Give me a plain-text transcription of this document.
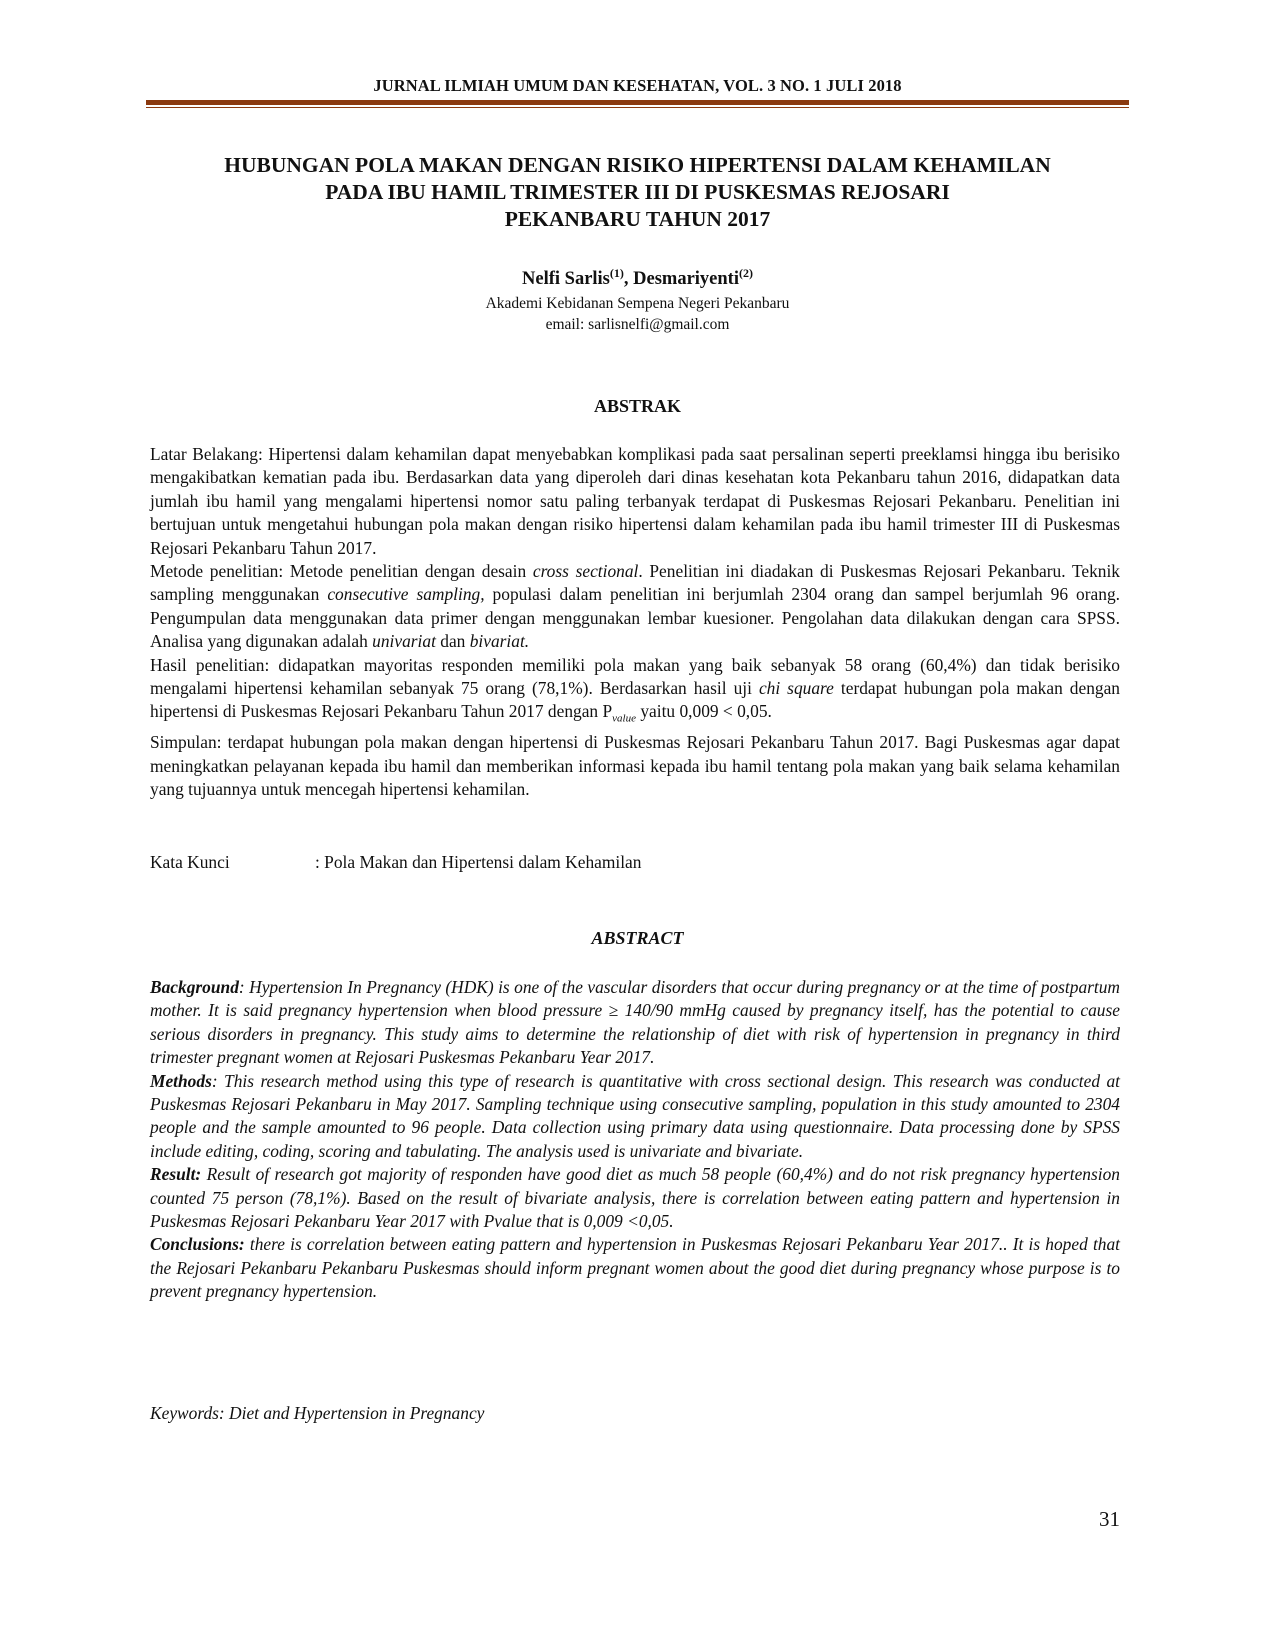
JURNAL ILMIAH UMUM DAN KESEHATAN, VOL. 3 NO. 1 JULI 2018
HUBUNGAN POLA MAKAN DENGAN RISIKO HIPERTENSI DALAM KEHAMILAN
PADA IBU HAMIL TRIMESTER III DI PUSKESMAS REJOSARI
PEKANBARU TAHUN 2017
Nelfi Sarlis$^{(1)}$, Desmariyenti$^{(2)}$
Akademi Kebidanan Sempena Negeri Pekanbaru
email: sarlisnelfi@gmail.com
ABSTRAK

Latar Belakang: Hipertensi dalam kehamilan dapat menyebabkan komplikasi pada saat persalinan seperti preeklamsi hingga ibu berisiko mengakibatkan kematian pada ibu. Berdasarkan data yang diperoleh dari dinas kesehatan kota Pekanbaru tahun 2016, didapatkan data jumlah ibu hamil yang mengalami hipertensi nomor satu paling terbanyak terdapat di Puskesmas Rejosari Pekanbaru. Penelitian ini bertujuan untuk mengetahui hubungan pola makan dengan risiko hipertensi dalam kehamilan pada ibu hamil trimester III di Puskesmas Rejosari Pekanbaru Tahun 2017.

Metode penelitian: Metode penelitian dengan desain cross sectional. Penelitian ini diadakan di Puskesmas Rejosari Pekanbaru. Teknik sampling menggunakan consecutive sampling, populasi dalam penelitian ini berjumlah 2304 orang dan sampel berjumlah 96 orang. Pengumpulan data menggunakan data primer dengan menggunakan lembar kuesioner. Pengolahan data dilakukan dengan cara SPSS. Analisa yang digunakan adalah univariat dan bivariat.

Hasil penelitian: didapatkan mayoritas responden memiliki pola makan yang baik sebanyak 58 orang (60,4%) dan tidak berisiko mengalami hipertensi kehamilan sebanyak 75 orang (78,1%). Berdasarkan hasil uji chi square terdapat hubungan pola makan dengan hipertensi di Puskesmas Rejosari Pekanbaru Tahun 2017 dengan $P_{value}$ yaitu 0,009 < 0,05.

Simpulan: terdapat hubungan pola makan dengan hipertensi di Puskesmas Rejosari Pekanbaru Tahun 2017. Bagi Puskesmas agar dapat meningkatkan pelayanan kepada ibu hamil dan memberikan informasi kepada ibu hamil tentang pola makan yang baik selama kehamilan yang tujuannya untuk mencegah hipertensi kehamilan.

Kata Kunci	: Pola Makan dan Hipertensi dalam Kehamilan
ABSTRACT

Background: Hypertension In Pregnancy (HDK) is one of the vascular disorders that occur during pregnancy or at the time of postpartum mother. It is said pregnancy hypertension when blood pressure ≥ 140/90 mmHg caused by pregnancy itself, has the potential to cause serious disorders in pregnancy. This study aims to determine the relationship of diet with risk of hypertension in pregnancy in third trimester pregnant women at Rejosari Puskesmas Pekanbaru Year 2017.

Methods: This research method using this type of research is quantitative with cross sectional design. This research was conducted at Puskesmas Rejosari Pekanbaru in May 2017. Sampling technique using consecutive sampling, population in this study amounted to 2304 people and the sample amounted to 96 people. Data collection using primary data using questionnaire. Data processing done by SPSS include editing, coding, scoring and tabulating. The analysis used is univariate and bivariate.

Result: Result of research got majority of responden have good diet as much 58 people (60,4%) and do not risk pregnancy hypertension counted 75 person (78,1%). Based on the result of bivariate analysis, there is correlation between eating pattern and hypertension in Puskesmas Rejosari Pekanbaru Year 2017 with Pvalue that is 0,009 <0,05.

Conclusions: there is correlation between eating pattern and hypertension in Puskesmas Rejosari Pekanbaru Year 2017.. It is hoped that the Rejosari Pekanbaru Pekanbaru Puskesmas should inform pregnant women about the good diet during pregnancy whose purpose is to prevent pregnancy hypertension.

Keywords: Diet and Hypertension in Pregnancy
31
